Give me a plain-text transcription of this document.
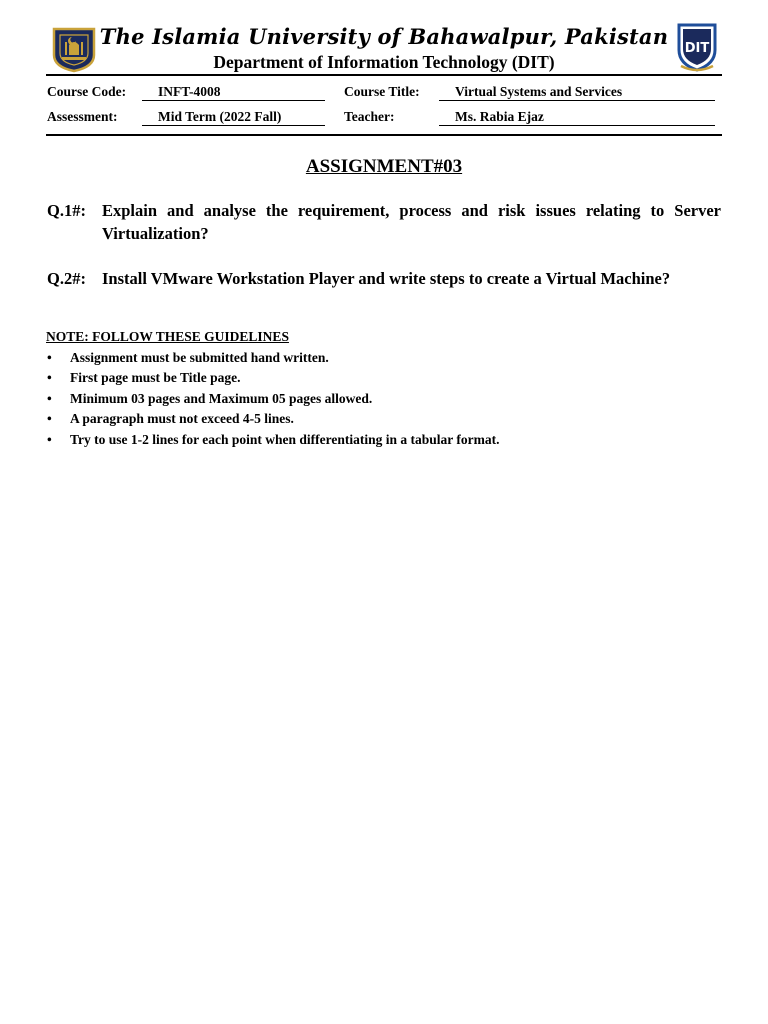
The Islamia University of Bahawalpur, Pakistan
Department of Information Technology (DIT)
DIT
Course Code:	INFT-4008	Course Title:	Virtual Systems and Services
Assessment:	Mid Term (2022 Fall)	Teacher:	Ms. Rabia Ejaz
ASSIGNMENT#03
Q.1#: Explain and analyse the requirement, process and risk issues relating to Server Virtualization?
Q.2#: Install VMware Workstation Player and write steps to create a Virtual Machine?
NOTE: FOLLOW THESE GUIDELINES
• Assignment must be submitted hand written.
• First page must be Title page.
• Minimum 03 pages and Maximum 05 pages allowed.
• A paragraph must not exceed 4-5 lines.
• Try to use 1-2 lines for each point when differentiating in a tabular format.
